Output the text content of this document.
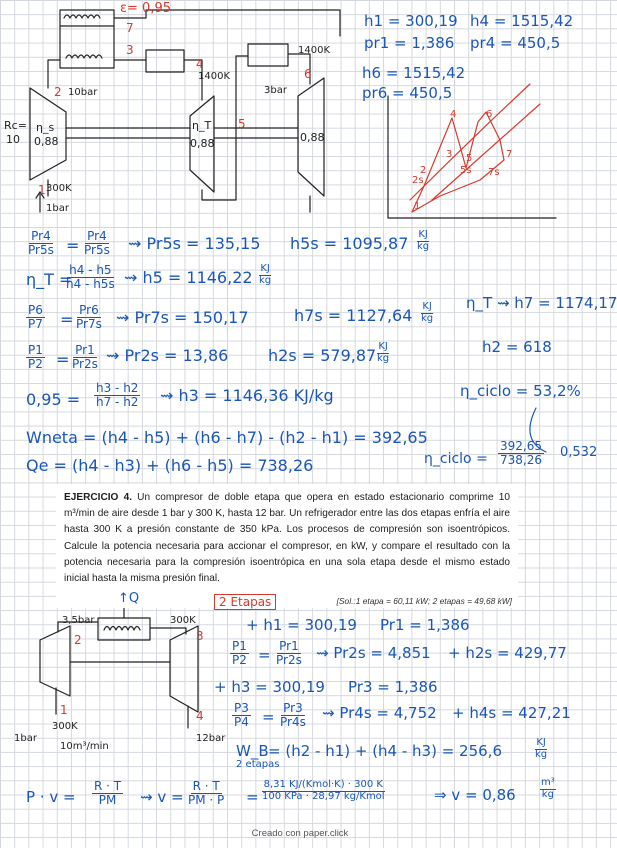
ε= 0,95
7
3
4
1400K
1400K
6
2 10bar	3bar
5
Rc=
10
η_s
0,88
η_T
0,88	0,88
300K
1
1bar
h1 = 300,19
pr1 = 1,386
h4 = 1515,42
pr4 = 450,5
h6 = 1515,42
pr6 = 450,5
1
2s
2
3
4
5
5s
6
7
7s
$\frac{Pr4}{Pr5s} = \frac{Pr4}{Pr5s}$ ⇝ Pr5s = 135,15 $h5s = 1095,87 \frac{KJ}{kg}$
η_T =
$\frac{h4 - h5}{h4 - h5s}$ ⇝ $h5 = 1146,22 \frac{KJ}{kg}$
$\frac{P6}{P7} = \frac{Pr6}{Pr7s}$ ⇝ Pr7s = 150,17	$h7s = 1127,64 \frac{KJ}{kg}$ η_T ⇝ h7 = 1174,17
$\frac{P1}{P2} = \frac{Pr1}{Pr2s}$ ⇝ Pr2s = 13,86 $h2s = 579,87 \frac{KJ}{kg}$	h2 = 618
$0,95 = \frac{h3 - h2}{h7 - h2}$ ⇝ h3 = 1146,36 KJ/kg	η_ciclo = 53,2%
Wneta = (h4 - h5) + (h6 - h7) - (h2 - h1) = 392,65
Qe = (h4 - h3) + (h6 - h5) = 738,26	η_ciclo = $\frac{392,65}{738,26} 0,532$
EJERCICIO 4. Un compresor de doble etapa que opera en estado estacionario comprime 10 m³/min de aire desde 1 bar y 300 K, hasta 12 bar. Un refrigerador entre las dos etapas enfría el aire hasta 300 K a presión constante de 350 kPa. Los procesos de compresión son isoentrópicos. Calcule la potencia necesaria para accionar el compresor, en kW, y compare el resultado con la potencia necesaria para la compresión isoentrópica en una sola etapa desde el mismo estado inicial hasta la misma presión final.
[Sol.:1 etapa = 60,11 kW; 2 etapas = 49,68 kW]
↑Q
3,5bar	300K
2	3
1	4
300K
10m³/min
1bar	12bar
2 Etapas
+ h1 = 300,19 Pr1 = 1,386
$\frac{P1}{P2} = \frac{Pr1}{Pr2s}$ ⇝ Pr2s = 4,851 + h2s = 429,77
+ h3 = 300,19 Pr3 = 1,386
$\frac{P3}{P4} = \frac{Pr3}{Pr4s}$ ⇝ Pr4s = 4,752 + h4s = 427,21
W_B
2 etapas
= (h2 - h1) + (h4 - h3) = 256,6	$\frac{KJ}{kg}$
$P \cdot v = \frac{R \cdot T}{PM}$ ⇝ $v = \frac{R \cdot T}{PM \cdot P}$ =
8,31 KJ/(Kmol·K) · 300 K
100 KPa · 28,97 kg/Kmol	⇒ $v = 0,86 \frac{\text{m³}}{kg}$
Creado con paper.click
